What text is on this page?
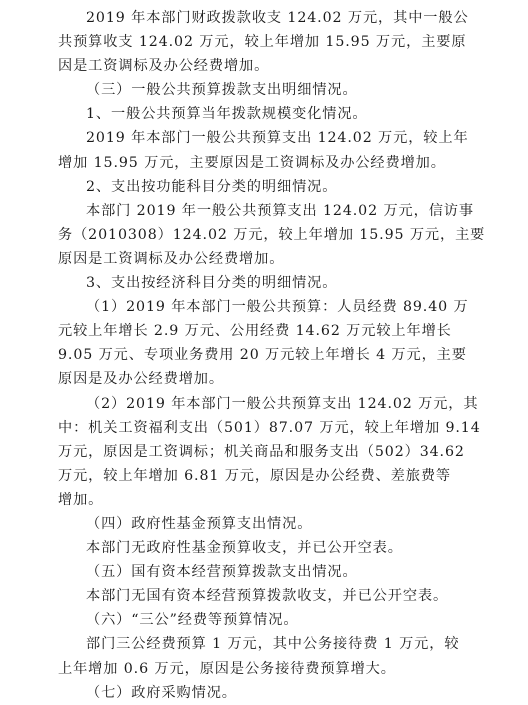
2019 年本部门财政拨款收支 124.02 万元，其中一般公
共预算收支 124.02 万元，较上年增加 15.95 万元，主要原
因是工资调标及办公经费增加。
（三）一般公共预算拨款支出明细情况。
1、一般公共预算当年拨款规模变化情况。
2019 年本部门一般公共预算支出 124.02 万元，较上年
增加 15.95 万元，主要原因是工资调标及办公经费增加。
2、支出按功能科目分类的明细情况。
本部门 2019 年一般公共预算支出 124.02 万元，信访事
务（2010308）124.02 万元，较上年增加 15.95 万元，主要
原因是工资调标及办公经费增加。
3、支出按经济科目分类的明细情况。
（1）2019 年本部门一般公共预算：人员经费 89.40 万
元较上年增长 2.9 万元、公用经费 14.62 万元较上年增长
9.05 万元、专项业务费用 20 万元较上年增长 4 万元，主要
原因是及办公经费增加。
（2）2019 年本部门一般公共预算支出 124.02 万元，其
中：机关工资福利支出（501）87.07 万元，较上年增加 9.14
万元，原因是工资调标；机关商品和服务支出（502）34.62
万元，较上年增加 6.81 万元，原因是办公经费、差旅费等
增加。
（四）政府性基金预算支出情况。
本部门无政府性基金预算收支，并已公开空表。
（五）国有资本经营预算拨款支出情况。
本部门无国有资本经营预算拨款收支，并已公开空表。
（六）“三公”经费等预算情况。
部门三公经费预算 1 万元，其中公务接待费 1 万元，较
上年增加 0.6 万元，原因是公务接待费预算增大。
（七）政府采购情况。
